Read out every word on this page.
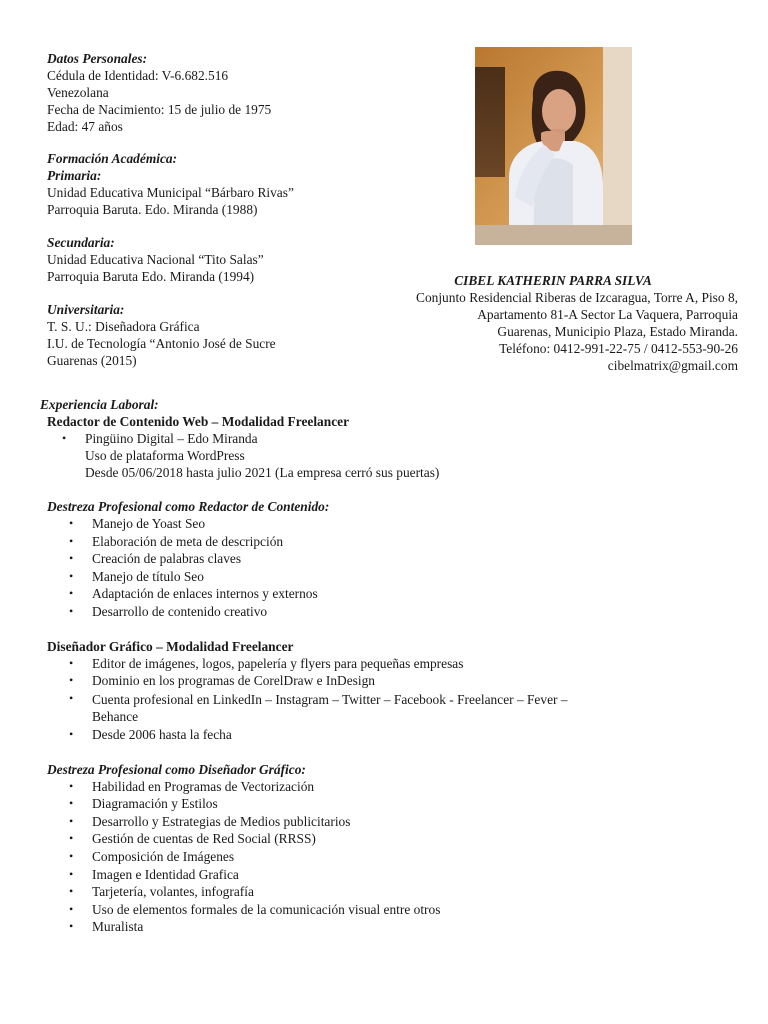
Datos Personales:
Cédula de Identidad: V-6.682.516
Venezolana
Fecha de Nacimiento: 15 de julio de 1975
Edad: 47 años
Formación Académica:
Primaria:
Unidad Educativa Municipal “Bárbaro Rivas”
Parroquia Baruta. Edo. Miranda (1988)
Secundaria:
Unidad Educativa Nacional “Tito Salas”
Parroquia Baruta Edo. Miranda (1994)
Universitaria:
T. S. U.: Diseñadora Gráfica
I.U. de Tecnología “Antonio José de Sucre
Guarenas (2015)
CIBEL KATHERIN PARRA SILVA
Conjunto Residencial Riberas de Izcaragua, Torre A, Piso 8,
Apartamento 81-A Sector La Vaquera, Parroquia
Guarenas, Municipio Plaza, Estado Miranda.
Teléfono: 0412-991-22-75 / 0412-553-90-26
cibelmatrix@gmail.com
Experiencia Laboral:
Redactor de Contenido Web – Modalidad Freelancer
• Pingüino Digital – Edo Miranda
Uso de plataforma WordPress
Desde 05/06/2018 hasta julio 2021 (La empresa cerró sus puertas)
Destreza Profesional como Redactor de Contenido:
• Manejo de Yoast Seo
• Elaboración de meta de descripción
• Creación de palabras claves
• Manejo de título Seo
• Adaptación de enlaces internos y externos
• Desarrollo de contenido creativo
Diseñador Gráfico – Modalidad Freelancer
• Editor de imágenes, logos, papelería y flyers para pequeñas empresas
• Dominio en los programas de CorelDraw e InDesign
• Cuenta profesional en LinkedIn – Instagram – Twitter – Facebook - Freelancer – Fever –
Behance
• Desde 2006 hasta la fecha
Destreza Profesional como Diseñador Gráfico:
• Habilidad en Programas de Vectorización
• Diagramación y Estilos
• Desarrollo y Estrategias de Medios publicitarios
• Gestión de cuentas de Red Social (RRSS)
• Composición de Imágenes
• Imagen e Identidad Grafica
• Tarjetería, volantes, infografía
• Uso de elementos formales de la comunicación visual entre otros
• Muralista
